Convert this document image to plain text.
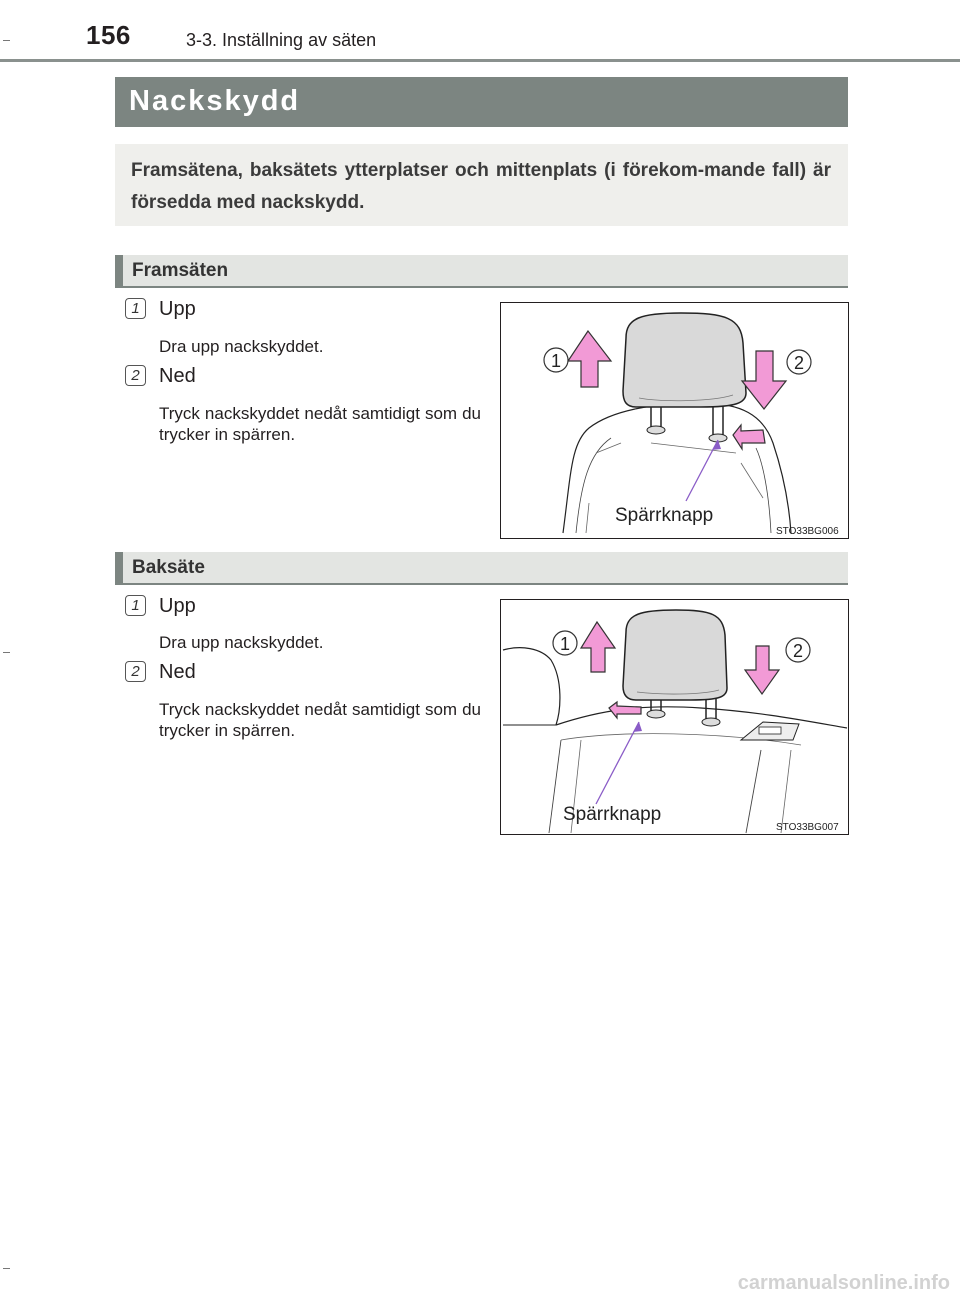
156	3-3. Inställning av säten
Nackskydd
Framsätena, baksätets ytterplatser och mittenplats (i förekom-mande fall) är försedda med nackskydd.
Framsäten
1 Upp
Dra upp nackskyddet.
2 Ned
Tryck nackskyddet nedåt samtidigt som du trycker in spärren.
1	2
Spärrknapp
STO33BG006
Baksäte
1 Upp
Dra upp nackskyddet.
2 Ned
Tryck nackskyddet nedåt samtidigt som du trycker in spärren.
1	2
Spärrknapp
STO33BG007
carmanualsonline.info
